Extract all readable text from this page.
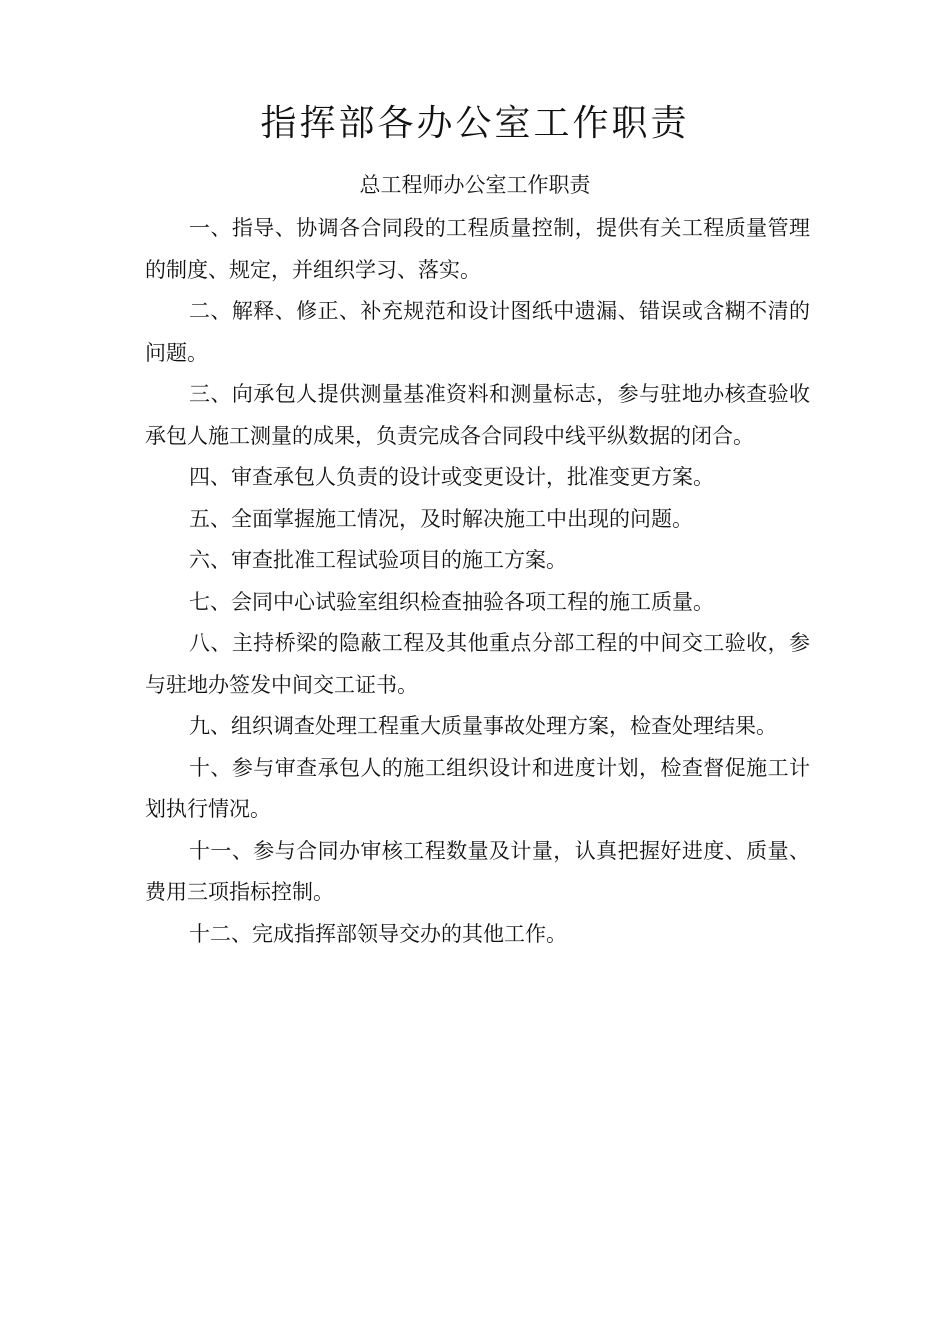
指挥部各办公室工作职责
总工程师办公室工作职责

一、指导、协调各合同段的工程质量控制，提供有关工程质量管理的制度、规定，并组织学习、落实。

二、解释、修正、补充规范和设计图纸中遗漏、错误或含糊不清的问题。

三、向承包人提供测量基准资料和测量标志，参与驻地办核查验收承包人施工测量的成果，负责完成各合同段中线平纵数据的闭合。

四、审查承包人负责的设计或变更设计，批准变更方案。

五、全面掌握施工情况，及时解决施工中出现的问题。

六、审查批准工程试验项目的施工方案。

七、会同中心试验室组织检查抽验各项工程的施工质量。

八、主持桥梁的隐蔽工程及其他重点分部工程的中间交工验收，参与驻地办签发中间交工证书。

九、组织调查处理工程重大质量事故处理方案，检查处理结果。

十、参与审查承包人的施工组织设计和进度计划，检查督促施工计划执行情况。

十一、参与合同办审核工程数量及计量，认真把握好进度、质量、费用三项指标控制。

十二、完成指挥部领导交办的其他工作。
